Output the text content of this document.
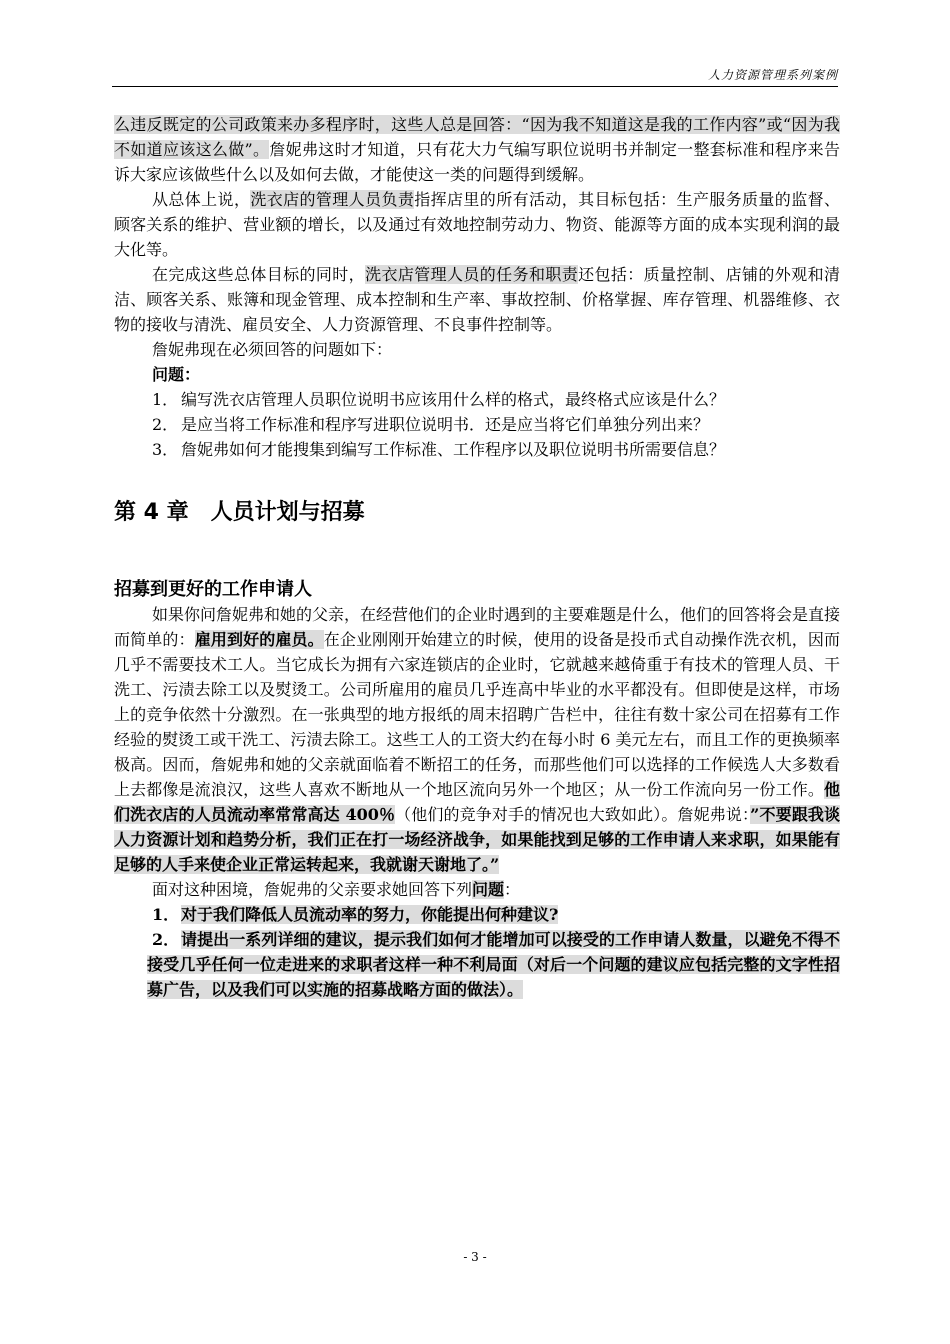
人力资源管理系列案例

么违反既定的公司政策来办多程序时，这些人总是回答：“因为我不知道这是我的工作内容”或“因为我不如道应该这么做”。詹妮弗这时才知道，只有花大力气编写职位说明书并制定一整套标准和程序来告诉大家应该做些什么以及如何去做，才能使这一类的问题得到缓解。

从总体上说，洗衣店的管理人员负责指挥店里的所有活动，其目标包括：生产服务质量的监督、顾客关系的维护、营业额的增长，以及通过有效地控制劳动力、物资、能源等方面的成本实现利润的最大化等。

在完成这些总体目标的同时，洗衣店管理人员的任务和职责还包括：质量控制、店铺的外观和清洁、顾客关系、账簿和现金管理、成本控制和生产率、事故控制、价格掌握、库存管理、机器维修、衣物的接收与清洗、雇员安全、人力资源管理、不良事件控制等。

詹妮弗现在必须回答的问题如下：

问题：
1． 编写洗衣店管理人员职位说明书应该用什么样的格式，最终格式应该是什么？
2． 是应当将工作标准和程序写进职位说明书．还是应当将它们单独分列出来？
3． 詹妮弗如何才能搜集到编写工作标准、工作程序以及职位说明书所需要信息？
第 4 章　人员计划与招募
招募到更好的工作申请人

如果你问詹妮弗和她的父亲，在经营他们的企业时遇到的主要难题是什么，他们的回答将会是直接而简单的：雇用到好的雇员。在企业刚刚开始建立的时候，使用的设备是投币式自动操作洗衣机，因而几乎不需要技术工人。当它成长为拥有六家连锁店的企业时，它就越来越倚重于有技术的管理人员、干洗工、污渍去除工以及熨烫工。公司所雇用的雇员几乎连高中毕业的水平都没有。但即使是这样，市场上的竞争依然十分激烈。在一张典型的地方报纸的周末招聘广告栏中，往往有数十家公司在招募有工作经验的熨烫工或干洗工、污渍去除工。这些工人的工资大约在每小时 6 美元左右，而且工作的更换频率极高。因而，詹妮弗和她的父亲就面临着不断招工的任务，而那些他们可以选择的工作候选人大多数看上去都像是流浪汉，这些人喜欢不断地从一个地区流向另外一个地区；从一份工作流向另一份工作。他们洗衣店的人员流动率常常高达 400％（他们的竞争对手的情况也大致如此）。詹妮弗说：”不要跟我谈人力资源计划和趋势分析，我们正在打一场经济战争，如果能找到足够的工作申请人来求职，如果能有足够的人手来使企业正常运转起来，我就谢天谢地了。”

面对这种困境，詹妮弗的父亲要求她回答下列问题：

1． 对于我们降低人员流动率的努力，你能提出何种建议?
2． 请提出一系列详细的建议，提示我们如何才能增加可以接受的工作申请人数量，以避免不得不接受几乎任何一位走进来的求职者这样一种不利局面（对后一个问题的建议应包括完整的文字性招募广告，以及我们可以实施的招募战略方面的做法）。
- 3 -
